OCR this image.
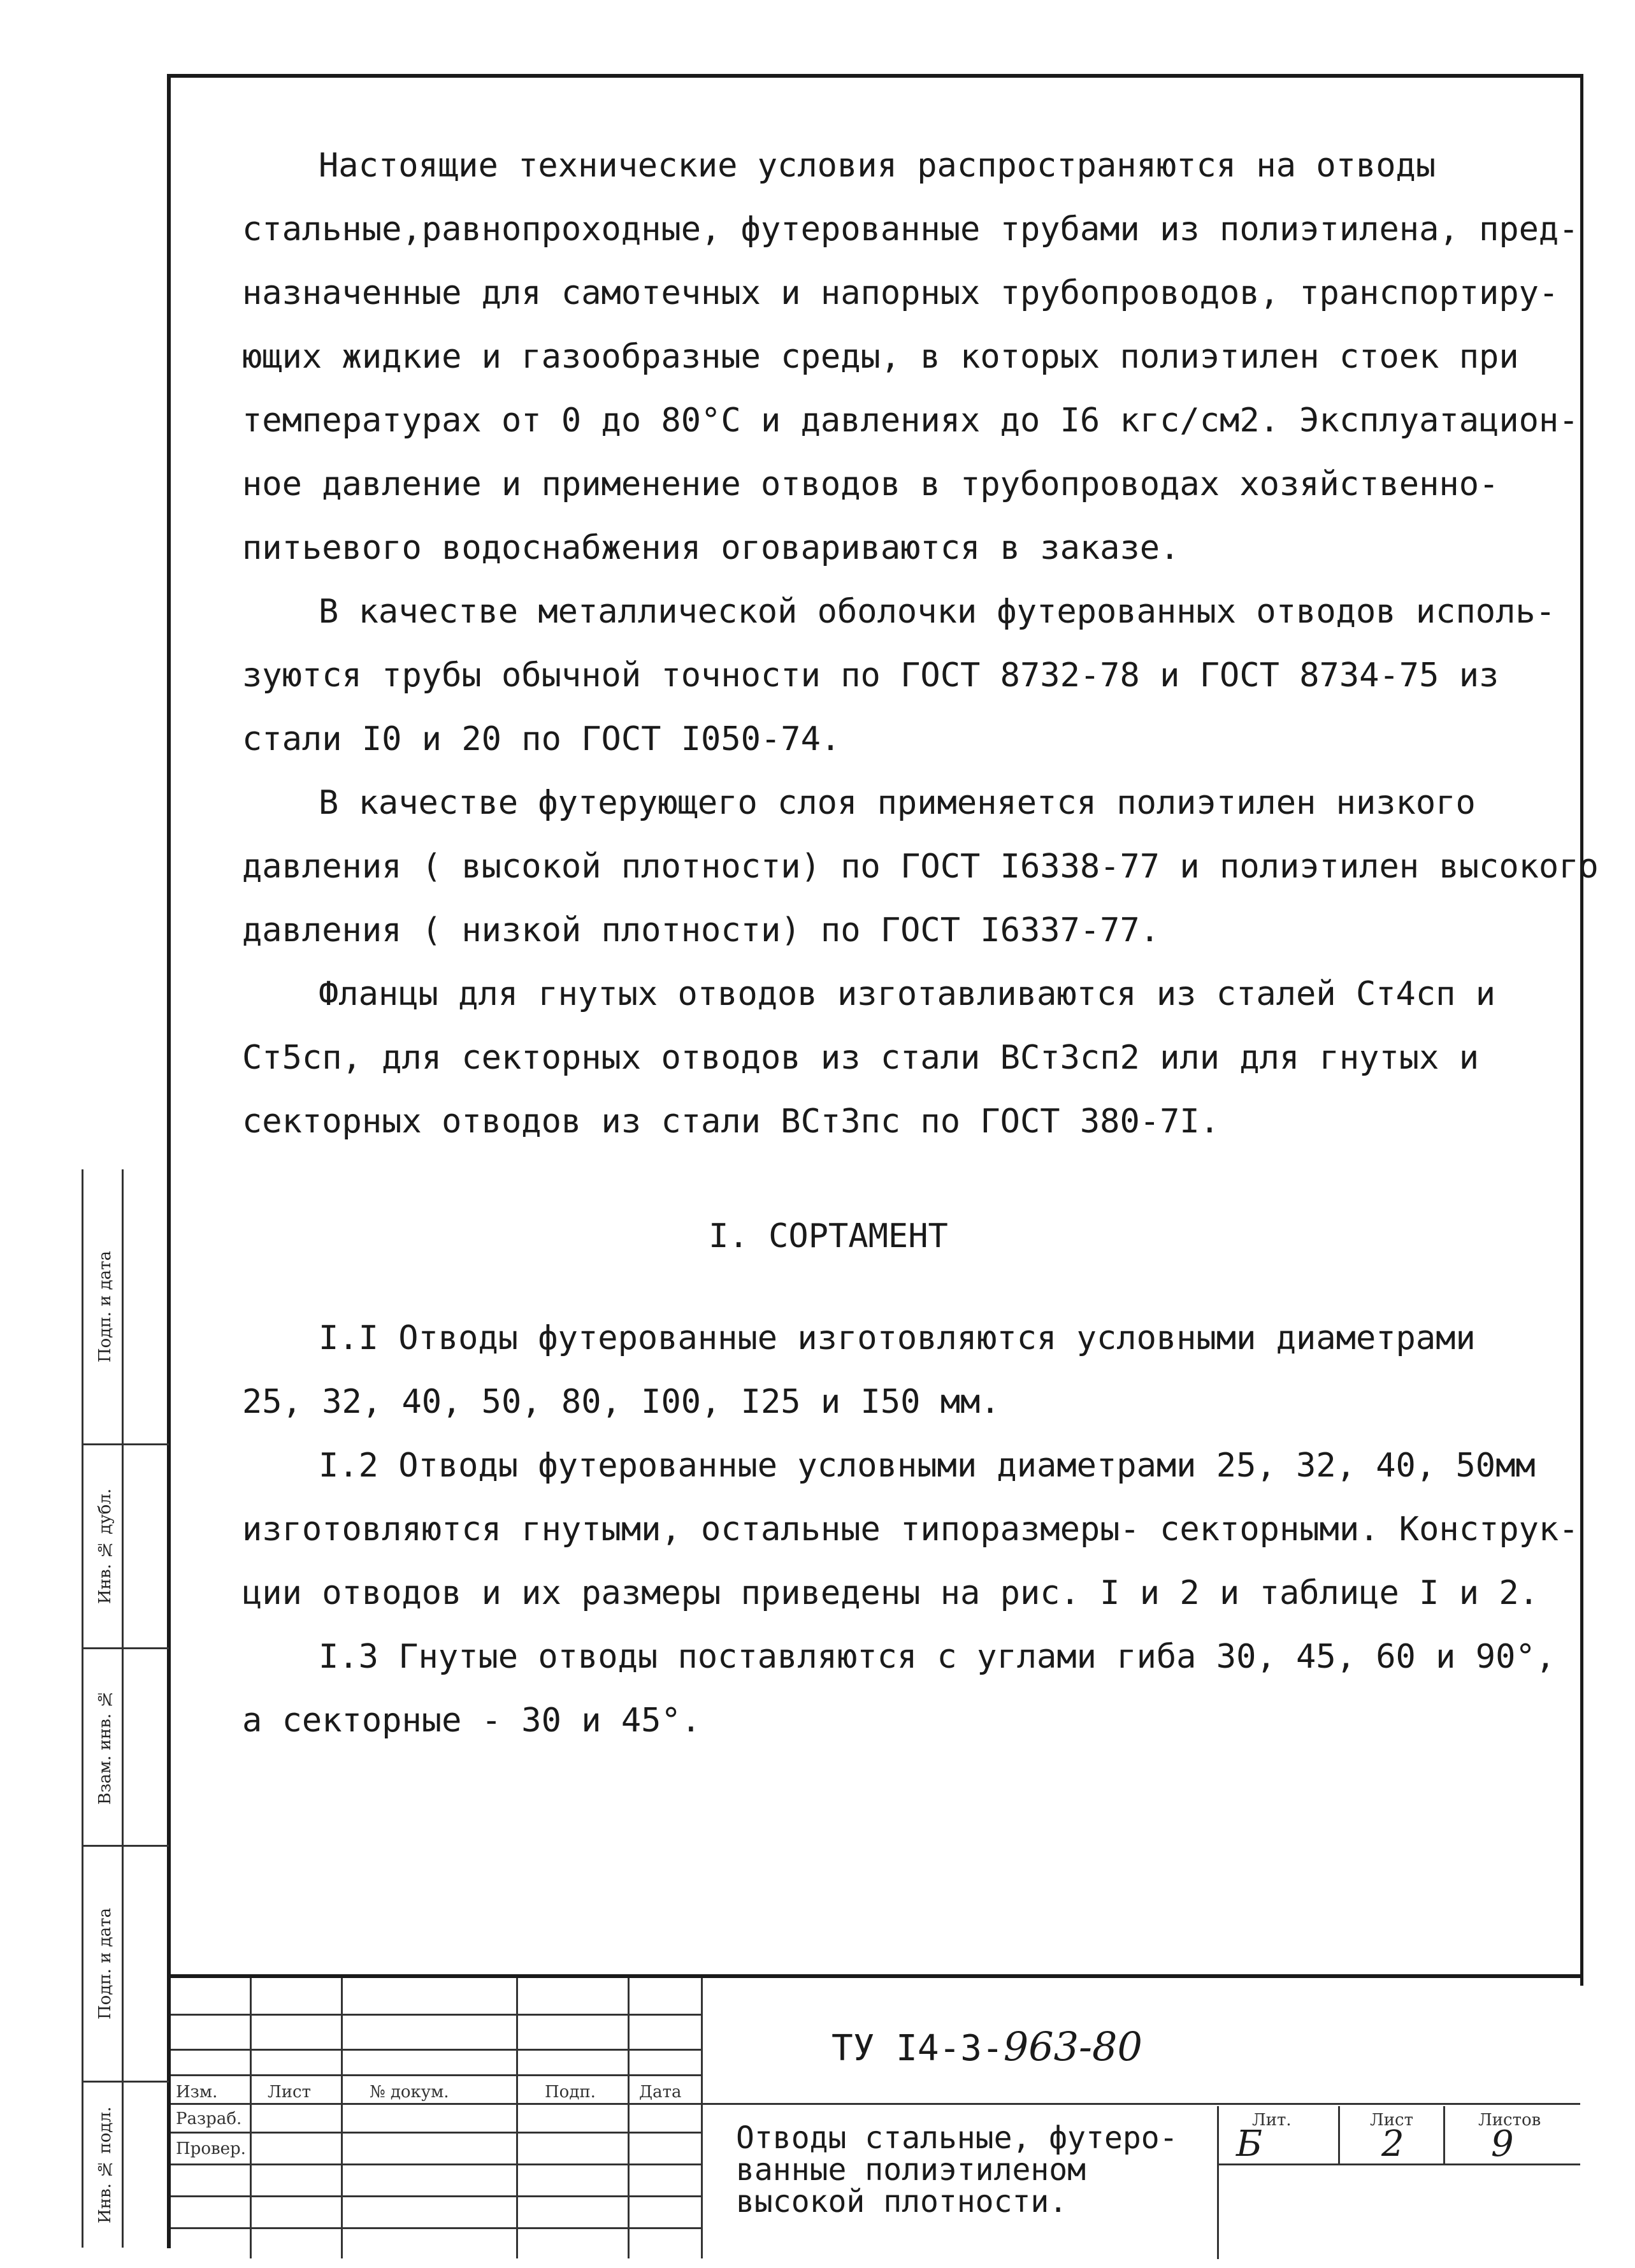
Настоящие технические условия распространяются на отводы
стальные,равнопроходные, футерованные трубами из полиэтилена, пред-
назначенные для самотечных и напорных трубопроводов, транспортиру-
ющих жидкие и газообразные среды, в которых полиэтилен стоек при
температурах от 0 до 80°С и давлениях до I6 кгс/см2. Эксплуатацион-
ное давление и применение отводов в трубопроводах хозяйственно-
питьевого водоснабжения оговариваются в заказе.
В качестве металлической оболочки футерованных отводов исполь-
зуются трубы обычной точности по ГОСТ 8732-78 и ГОСТ 8734-75 из
стали I0 и 20 по ГОСТ I050-74.
В качестве футерующего слоя применяется полиэтилен низкого
давления ( высокой плотности) по ГОСТ I6338-77 и полиэтилен высокого
давления ( низкой плотности) по ГОСТ I6337-77.
Фланцы для гнутых отводов изготавливаются из сталей Ст4сп и
Ст5сп, для секторных отводов из стали ВСт3сп2 или для гнутых и
секторных отводов из стали ВСт3пс по ГОСТ 380-7I.
I. СОРТАМЕНТ
I.I Отводы футерованные изготовляются условными диаметрами
25, 32, 40, 50, 80, I00, I25 и I50 мм.
I.2 Отводы футерованные условными диаметрами 25, 32, 40, 50мм
изготовляются гнутыми, остальные типоразмеры- секторными. Конструк-
ции отводов и их размеры приведены на рис. I и 2 и таблице I и 2.
I.3 Гнутые отводы поставляются с углами гиба 30, 45, 60 и 90°,
а секторные - 30 и 45°.
Подп. и дата
Инв. № дубл.
Взам. инв. №
Подп. и дата
Инв. № подл.
Изм.	Лист	№ докум.	Подп.	Дата
Разраб.
Провер.
ТУ I4-3-963-80
Отводы стальные, футеро-
ванные полиэтиленом
высокой плотности.
Лит.	Лист	Листов
Б	2 9
